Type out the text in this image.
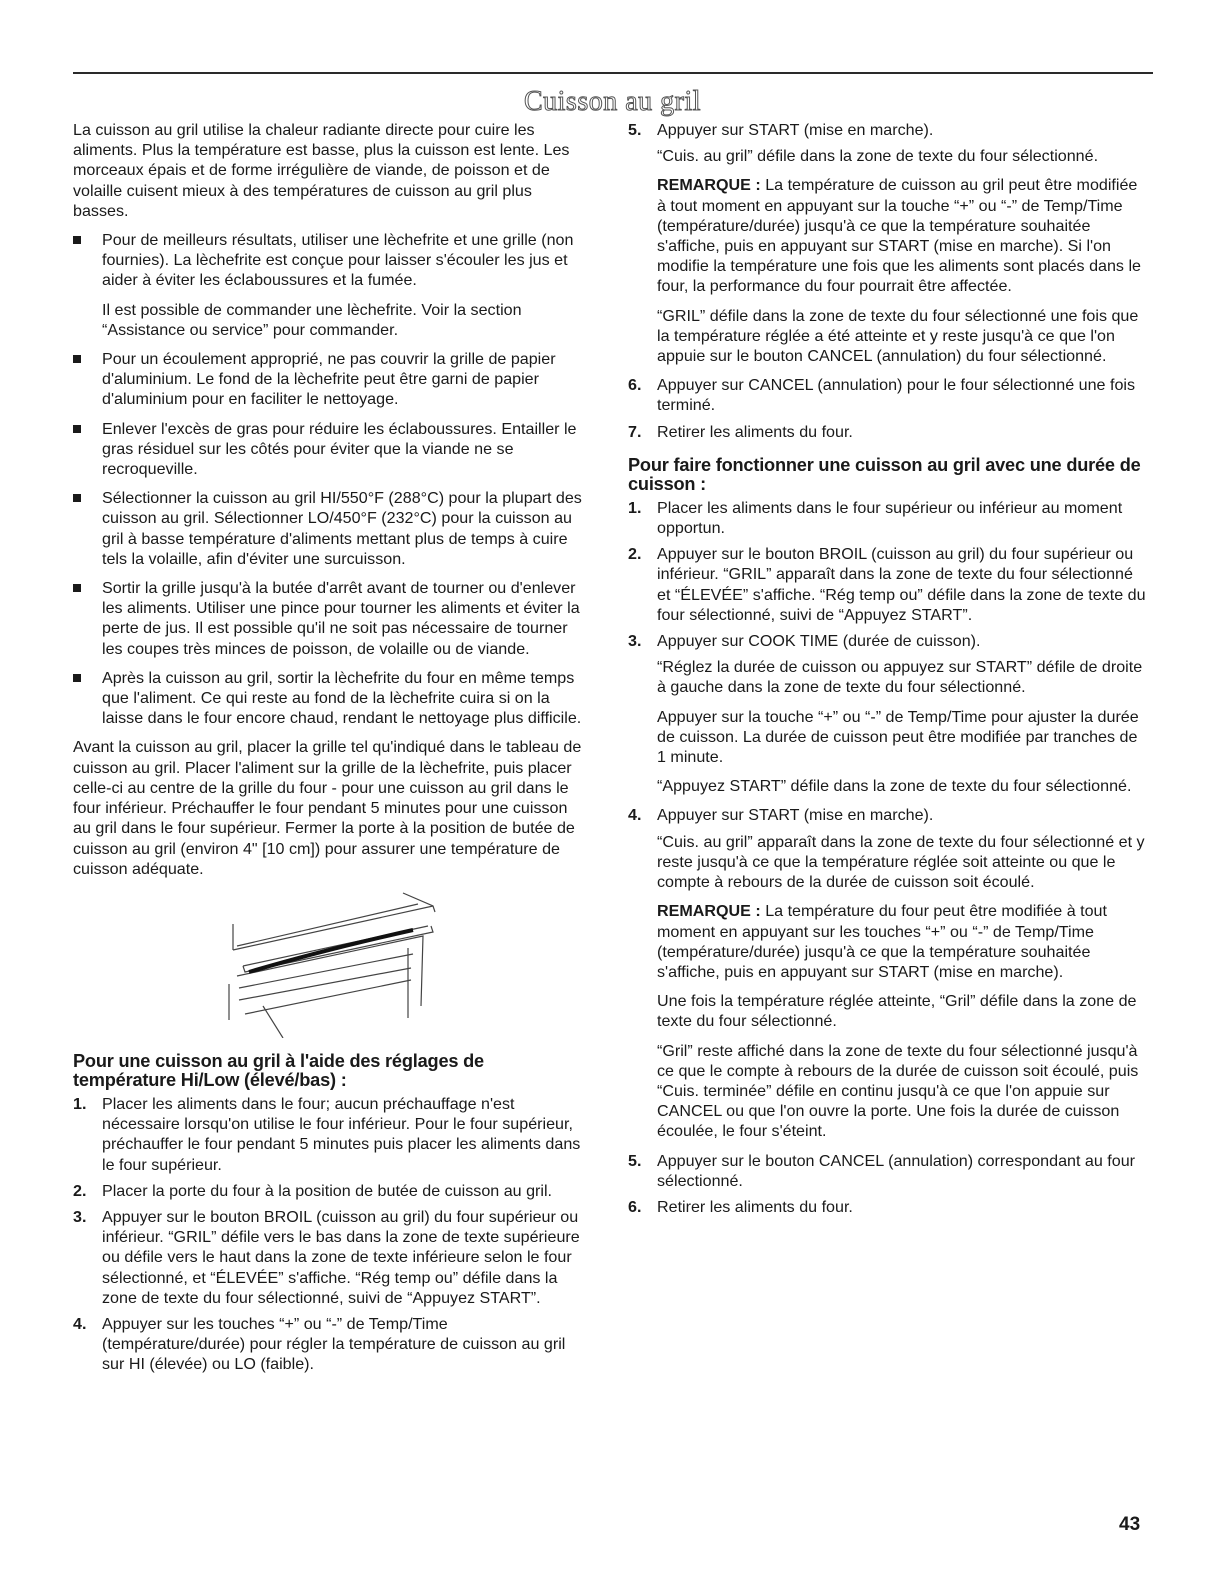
Cuisson au gril

La cuisson au gril utilise la chaleur radiante directe pour cuire les aliments. Plus la température est basse, plus la cuisson est lente. Les morceaux épais et de forme irrégulière de viande, de poisson et de volaille cuisent mieux à des températures de cuisson au gril plus basses.

Pour de meilleurs résultats, utiliser une lèchefrite et une grille (non fournies). La lèchefrite est conçue pour laisser s'écouler les jus et aider à éviter les éclaboussures et la fumée.
Il est possible de commander une lèchefrite. Voir la section “Assistance ou service” pour commander.
Pour un écoulement approprié, ne pas couvrir la grille de papier d'aluminium. Le fond de la lèchefrite peut être garni de papier d'aluminium pour en faciliter le nettoyage.
Enlever l'excès de gras pour réduire les éclaboussures. Entailler le gras résiduel sur les côtés pour éviter que la viande ne se recroqueville.
Sélectionner la cuisson au gril HI/550°F (288°C) pour la plupart des cuisson au gril. Sélectionner LO/450°F (232°C) pour la cuisson au gril à basse température d'aliments mettant plus de temps à cuire tels la volaille, afin d'éviter une surcuisson.
Sortir la grille jusqu'à la butée d'arrêt avant de tourner ou d'enlever les aliments. Utiliser une pince pour tourner les aliments et éviter la perte de jus. Il est possible qu'il ne soit pas nécessaire de tourner les coupes très minces de poisson, de volaille ou de viande.
Après la cuisson au gril, sortir la lèchefrite du four en même temps que l'aliment. Ce qui reste au fond de la lèchefrite cuira si on la laisse dans le four encore chaud, rendant le nettoyage plus difficile.

Avant la cuisson au gril, placer la grille tel qu'indiqué dans le tableau de cuisson au gril. Placer l'aliment sur la grille de la lèchefrite, puis placer celle-ci au centre de la grille du four - pour une cuisson au gril dans le four inférieur. Préchauffer le four pendant 5 minutes pour une cuisson au gril dans le four supérieur. Fermer la porte à la position de butée de cuisson au gril (environ 4" [10 cm]) pour assurer une température de cuisson adéquate.

Pour une cuisson au gril à l'aide des réglages de température Hi/Low (élevé/bas) :
1. Placer les aliments dans le four; aucun préchauffage n'est nécessaire lorsqu'on utilise le four inférieur. Pour le four supérieur, préchauffer le four pendant 5 minutes puis placer les aliments dans le four supérieur.
2. Placer la porte du four à la position de butée de cuisson au gril.
3. Appuyer sur le bouton BROIL (cuisson au gril) du four supérieur ou inférieur. “GRIL” défile vers le bas dans la zone de texte supérieure ou défile vers le haut dans la zone de texte inférieure selon le four sélectionné, et “ÉLEVÉE” s'affiche. “Rég temp ou” défile dans la zone de texte du four sélectionné, suivi de “Appuyez START”.
4. Appuyer sur les touches “+” ou “-” de Temp/Time (température/durée) pour régler la température de cuisson au gril sur HI (élevée) ou LO (faible).
5. Appuyer sur START (mise en marche).
“Cuis. au gril” défile dans la zone de texte du four sélectionné.
REMARQUE : La température de cuisson au gril peut être modifiée à tout moment en appuyant sur la touche “+” ou “-” de Temp/Time (température/durée) jusqu'à ce que la température souhaitée s'affiche, puis en appuyant sur START (mise en marche). Si l'on modifie la température une fois que les aliments sont placés dans le four, la performance du four pourrait être affectée.
“GRIL” défile dans la zone de texte du four sélectionné une fois que la température réglée a été atteinte et y reste jusqu'à ce que l'on appuie sur le bouton CANCEL (annulation) du four sélectionné.
6. Appuyer sur CANCEL (annulation) pour le four sélectionné une fois terminé.
7. Retirer les aliments du four.
Pour faire fonctionner une cuisson au gril avec une durée de cuisson :
1. Placer les aliments dans le four supérieur ou inférieur au moment opportun.
2. Appuyer sur le bouton BROIL (cuisson au gril) du four supérieur ou inférieur. “GRIL” apparaît dans la zone de texte du four sélectionné et “ÉLEVÉE” s'affiche. “Rég temp ou” défile dans la zone de texte du four sélectionné, suivi de “Appuyez START”.
3. Appuyer sur COOK TIME (durée de cuisson).
“Réglez la durée de cuisson ou appuyez sur START” défile de droite à gauche dans la zone de texte du four sélectionné.
Appuyer sur la touche “+” ou “-” de Temp/Time pour ajuster la durée de cuisson. La durée de cuisson peut être modifiée par tranches de 1 minute.
“Appuyez START” défile dans la zone de texte du four sélectionné.
4. Appuyer sur START (mise en marche).
“Cuis. au gril” apparaît dans la zone de texte du four sélectionné et y reste jusqu'à ce que la température réglée soit atteinte ou que le compte à rebours de la durée de cuisson soit écoulé.
REMARQUE : La température du four peut être modifiée à tout moment en appuyant sur les touches “+” ou “-” de Temp/Time (température/durée) jusqu'à ce que la température souhaitée s'affiche, puis en appuyant sur START (mise en marche).
Une fois la température réglée atteinte, “Gril” défile dans la zone de texte du four sélectionné.
“Gril” reste affiché dans la zone de texte du four sélectionné jusqu'à ce que le compte à rebours de la durée de cuisson soit écoulé, puis “Cuis. terminée” défile en continu jusqu'à ce que l'on appuie sur CANCEL ou que l'on ouvre la porte. Une fois la durée de cuisson écoulée, le four s'éteint.
5. Appuyer sur le bouton CANCEL (annulation) correspondant au four sélectionné.
6. Retirer les aliments du four.
43
